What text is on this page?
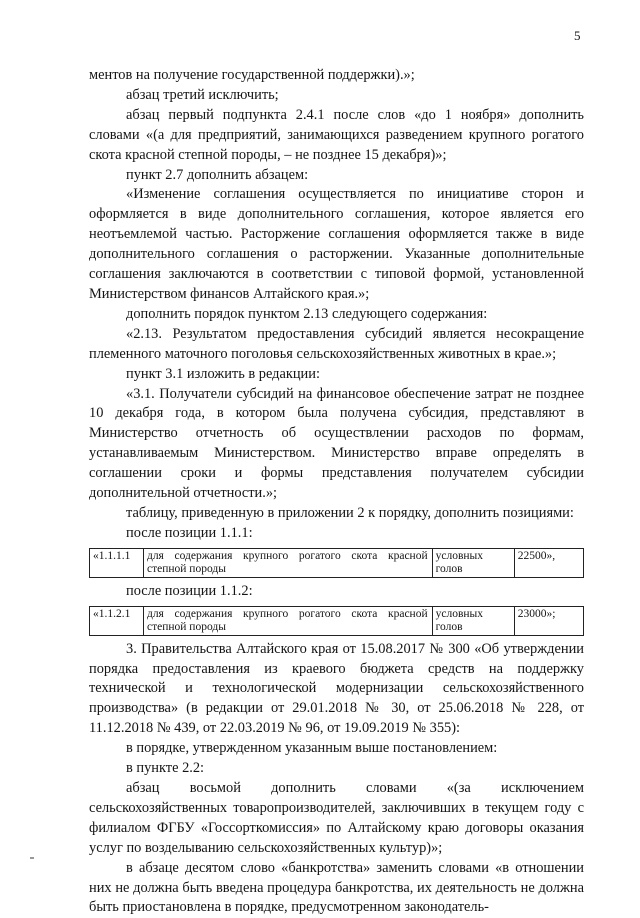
5

ментов на получение государственной поддержки).»;

абзац третий исключить;

абзац первый подпункта 2.4.1 после слов «до 1 ноября» дополнить словами «(а для предприятий, занимающихся разведением крупного рогатого скота красной степной породы, – не позднее 15 декабря)»;

пункт 2.7 дополнить абзацем:

«Изменение соглашения осуществляется по инициативе сторон и оформляется в виде дополнительного соглашения, которое является его неотъемлемой частью. Расторжение соглашения оформляется также в виде дополнительного соглашения о расторжении. Указанные дополнительные соглашения заключаются в соответствии с типовой формой, установленной Министерством финансов Алтайского края.»;

дополнить порядок пунктом 2.13 следующего содержания:

«2.13. Результатом предоставления субсидий является несокращение племенного маточного поголовья сельскохозяйственных животных в крае.»;

пункт 3.1 изложить в редакции:

«3.1. Получатели субсидий на финансовое обеспечение затрат не позднее 10 декабря года, в котором была получена субсидия, представляют в Министерство отчетность об осуществлении расходов по формам, устанавливаемым Министерством. Министерство вправе определять в соглашении сроки и формы представления получателем субсидии дополнительной отчетности.»;

таблицу, приведенную в приложении 2 к порядку, дополнить позициями:

после позиции 1.1.1:

«1.1.1.1	для содержания крупного рогатого скота красной степной породы	условных голов	22500»,

после позиции 1.1.2:

«1.1.2.1	для содержания крупного рогатого скота красной степной породы	условных голов	23000»;

3. Правительства Алтайского края от 15.08.2017 № 300 «Об утверждении порядка предоставления из краевого бюджета средств на поддержку технической и технологической модернизации сельскохозяйственного производства» (в редакции от 29.01.2018 № 30, от 25.06.2018 № 228, от 11.12.2018 № 439, от 22.03.2019 № 96, от 19.09.2019 № 355):

в порядке, утвержденном указанным выше постановлением:

в пункте 2.2:

абзац восьмой дополнить словами «(за исключением сельскохозяйственных товаропроизводителей, заключивших в текущем году с филиалом ФГБУ «Госсорткомиссия» по Алтайскому краю договоры оказания услуг по возделыванию сельскохозяйственных культур)»;

в абзаце десятом слово «банкротства» заменить словами «в отношении них не должна быть введена процедура банкротства, их деятельность не должна быть приостановлена в порядке, предусмотренном законодатель-
